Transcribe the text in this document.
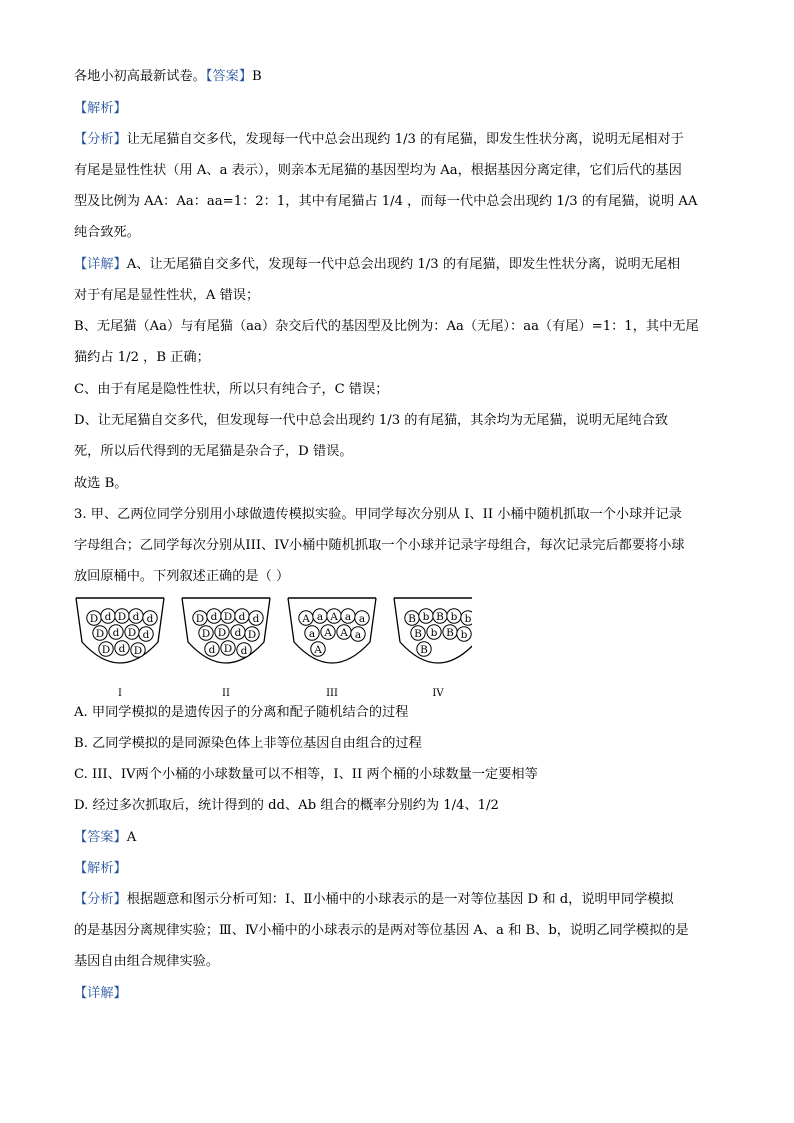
各地小初高最新试卷。【答案】B
【解析】
【分析】让无尾猫自交多代，发现每一代中总会出现约 1/3 的有尾猫，即发生性状分离，说明无尾相对于
有尾是显性性状（用 A、a 表示），则亲本无尾猫的基因型均为 Aa，根据基因分离定律，它们后代的基因
型及比例为 AA：Aa：aa=1：2：1，其中有尾猫占 1/4 ，而每一代中总会出现约 1/3 的有尾猫，说明 AA
纯合致死。
【详解】A、让无尾猫自交多代，发现每一代中总会出现约 1/3 的有尾猫，即发生性状分离，说明无尾相
对于有尾是显性性状，A 错误；
B、无尾猫（Aa）与有尾猫（aa）杂交后代的基因型及比例为：Aa（无尾）：aa（有尾）=1：1，其中无尾
猫约占 1/2 ，B 正确；
C、由于有尾是隐性性状，所以只有纯合子，C 错误；
D、让无尾猫自交多代，但发现每一代中总会出现约 1/3 的有尾猫，其余均为无尾猫，说明无尾纯合致
死，所以后代得到的无尾猫是杂合子，D 错误。
故选 B。
3. 甲、乙两位同学分别用小球做遗传模拟实验。甲同学每次分别从 I、II 小桶中随机抓取一个小球并记录
字母组合；乙同学每次分别从III、IV小桶中随机抓取一个小球并记录字母组合，每次记录完后都要将小球
放回原桶中。下列叙述正确的是（ ）
D d D d d
D d D d
D d D
I
D d D d d
D D d D
d D d
II
A a A a a
a A A a
A
III
B b B b b
B b B b
B
IV
A. 甲同学模拟的是遗传因子的分离和配子随机结合的过程
B. 乙同学模拟的是同源染色体上非等位基因自由组合的过程
C. III、IV两个小桶的小球数量可以不相等，I、II 两个桶的小球数量一定要相等
D. 经过多次抓取后，统计得到的 dd、Ab 组合的概率分别约为 1/4、1/2
【答案】A
【解析】
【分析】根据题意和图示分析可知：Ⅰ、Ⅱ小桶中的小球表示的是一对等位基因 D 和 d，说明甲同学模拟
的是基因分离规律实验；Ⅲ、Ⅳ小桶中的小球表示的是两对等位基因 A、a 和 B、b，说明乙同学模拟的是
基因自由组合规律实验。
【详解】
